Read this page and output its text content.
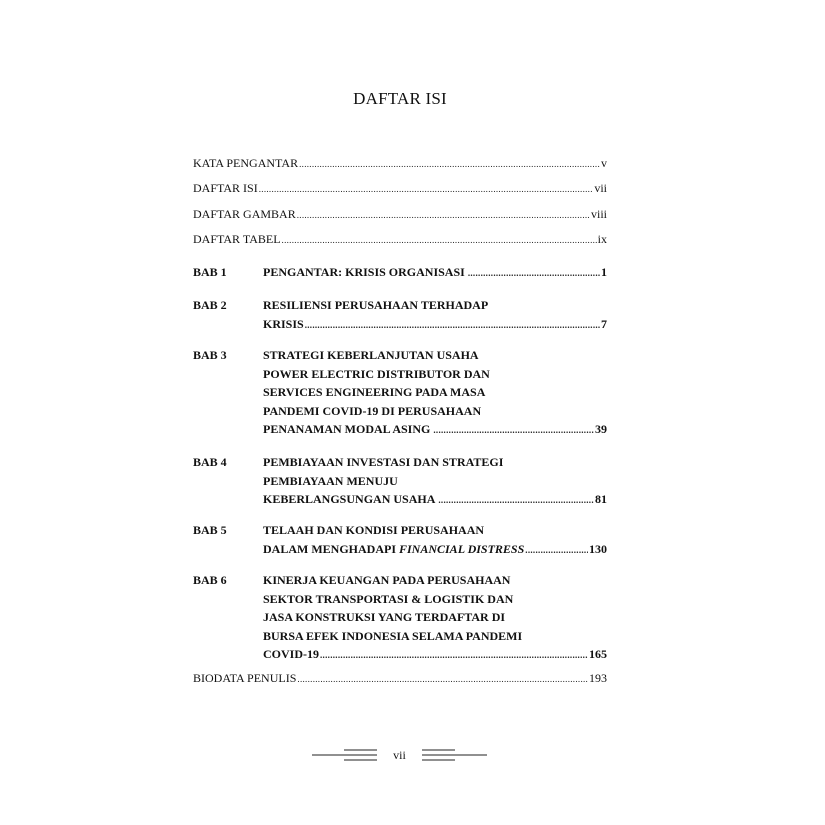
DAFTAR ISI
KATA PENGANTAR .....	v
DAFTAR ISI .....	vii
DAFTAR GAMBAR .....	viii
DAFTAR TABEL .....	ix
BAB 1	PENGANTAR: KRISIS ORGANISASI .....	1
BAB 2	RESILIENSI PERUSAHAAN TERHADAP
KRISIS .....	7
BAB 3	STRATEGI KEBERLANJUTAN USAHA
POWER ELECTRIC DISTRIBUTOR DAN
SERVICES ENGINEERING PADA MASA
PANDEMI COVID-19 DI PERUSAHAAN
PENANAMAN MODAL ASING .....	39
BAB 4	PEMBIAYAAN INVESTASI DAN STRATEGI
PEMBIAYAAN MENUJU
KEBERLANGSUNGAN USAHA .....	81
BAB 5	TELAAH DAN KONDISI PERUSAHAAN
DALAM MENGHADAPI FINANCIAL DISTRESS .....	130
BAB 6	KINERJA KEUANGAN PADA PERUSAHAAN
SEKTOR TRANSPORTASI & LOGISTIK DAN
JASA KONSTRUKSI YANG TERDAFTAR DI
BURSA EFEK INDONESIA SELAMA PANDEMI
COVID-19 .....	165
BIODATA PENULIS .....	193
vii
